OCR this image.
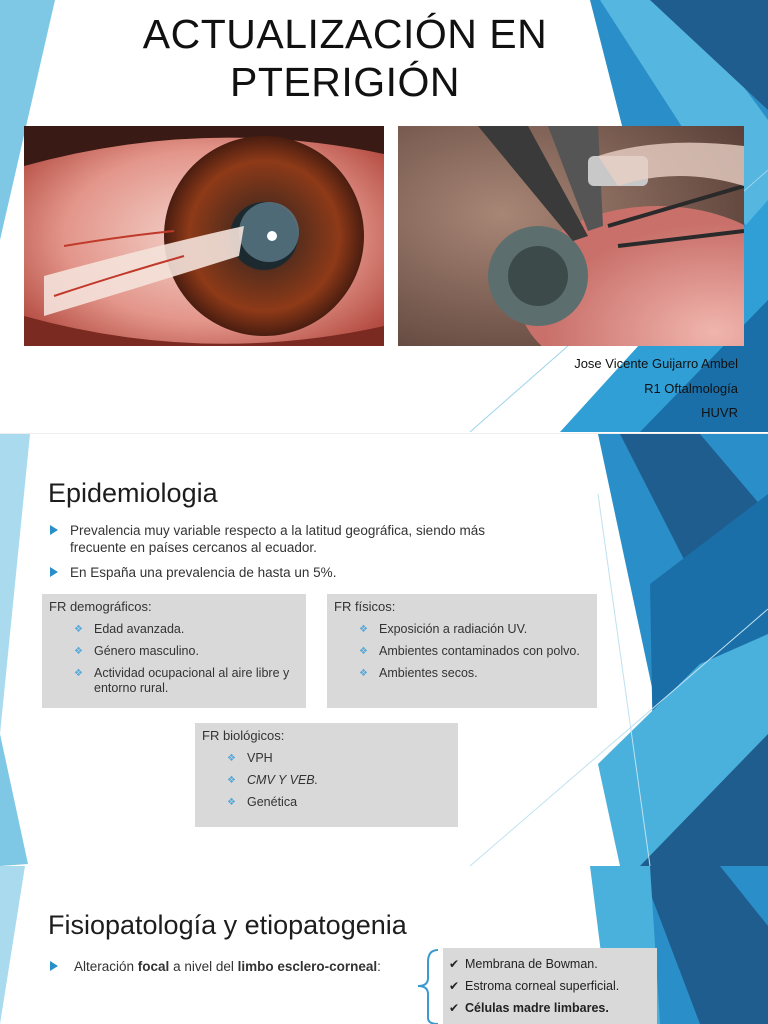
ACTUALIZACIÓN EN
PTERIGIÓN
Jose Vicente Guijarro Ambel
R1 Oftalmología
HUVR
Epidemiologia
Prevalencia muy variable respecto a la latitud geográfica, siendo más frecuente en países cercanos al ecuador.
En España una prevalencia de hasta un 5%.
FR demográficos:
❖ Edad avanzada.
❖ Género masculino.
❖ Actividad ocupacional al aire libre y entorno rural.
FR físicos:
❖ Exposición a radiación UV.
❖ Ambientes contaminados con polvo.
❖ Ambientes secos.
FR biológicos:
❖ VPH
❖ CMV Y VEB.
❖ Genética
Fisiopatología y etiopatogenia
Alteración focal a nivel del limbo esclero-corneal:	✔ Membrana de Bowman.
✔ Estroma corneal superficial.
✔ Células madre limbares.
